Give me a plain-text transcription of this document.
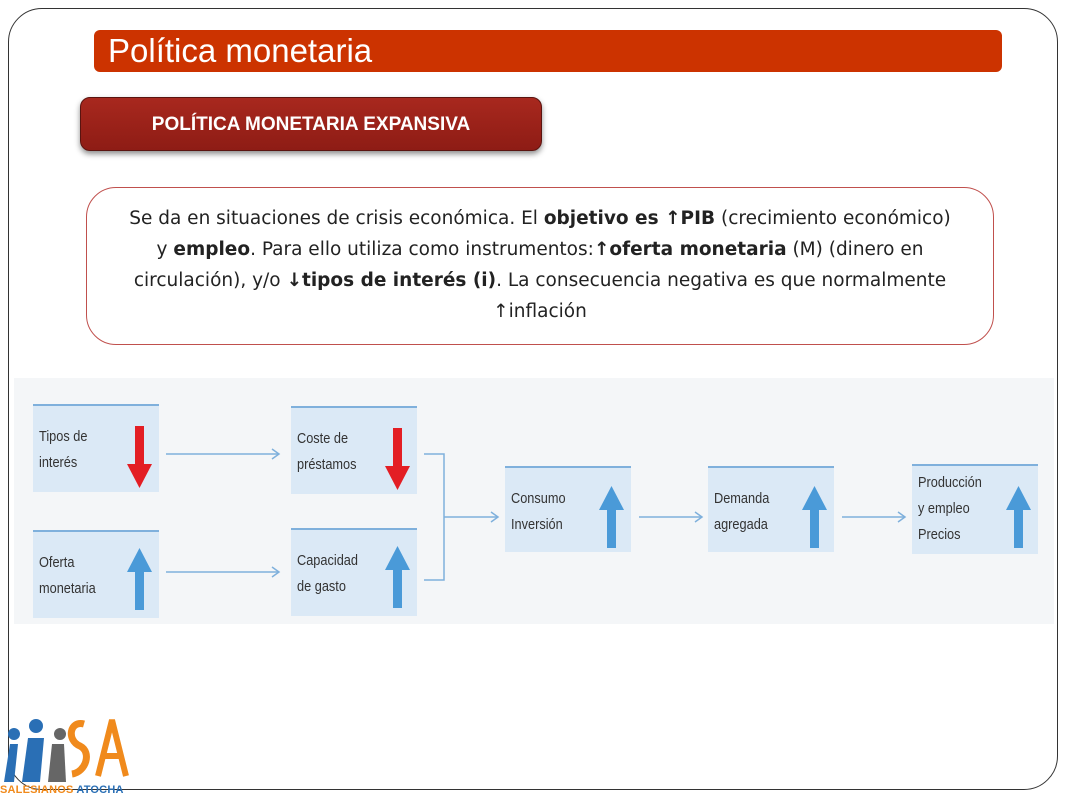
Política monetaria
POLÍTICA MONETARIA EXPANSIVA
Se da en situaciones de crisis económica. El objetivo es ↑PIB (crecimiento económico) y empleo. Para ello utiliza como instrumentos:↑oferta monetaria (M) (dinero en circulación), y/o ↓tipos de interés (i). La consecuencia negativa es que normalmente ↑inflación
Tipos de
interés
Oferta
monetaria
Coste de
préstamos
Capacidad
de gasto
Consumo
Inversión
Demanda
agregada
Producción
y empleo
Precios
SALESIANOS ATOCHA
